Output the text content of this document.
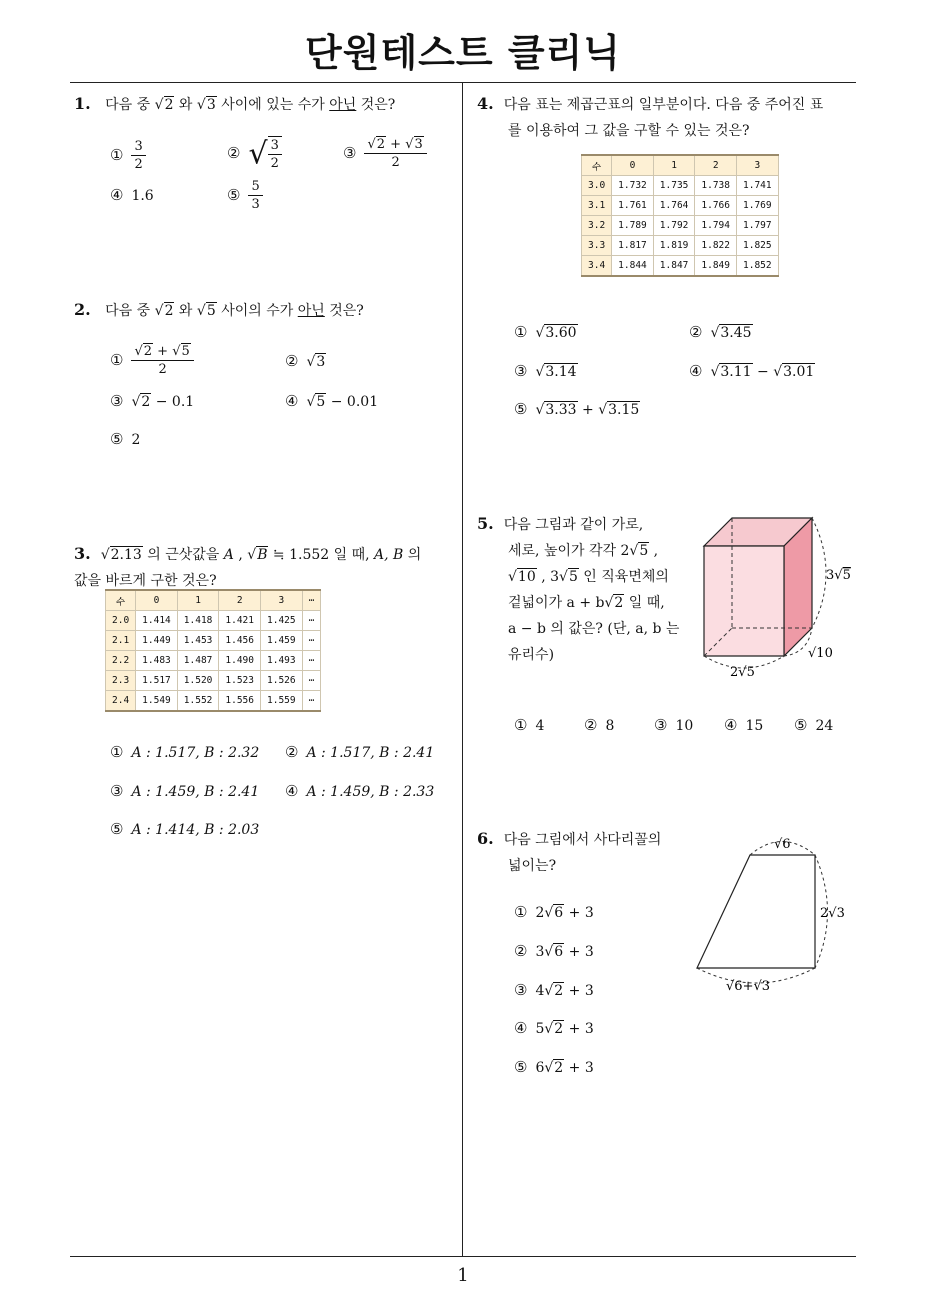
단원테스트 클리닉
1
1. 다음 중 √2 와 √3 사이에 있는 수가 아닌 것은?
① $\frac{3}{2}$	② √ $\frac{3}{2}$	③ $\frac{√2 + √3}{2}$
④ 1.6	⑤ $\frac{5}{3}$
2. 다음 중 √2 와 √5 사이의 수가 아닌 것은?
① $\frac{√2 + √5}{2}$	② √3
③ √2 − 0.1	④ √5 − 0.01
⑤ 2
3. √2.13 의 근삿값을 A , √B ≒ 1.552 일 때, A, B 의
값을 바르게 구한 것은?
수	0	1	2	3	⋯
2.0	1.414	1.418	1.421	1.425	⋯
2.1	1.449	1.453	1.456	1.459	⋯
2.2	1.483	1.487	1.490	1.493	⋯
2.3	1.517	1.520	1.523	1.526	⋯
2.4	1.549	1.552	1.556	1.559	⋯
① A : 1.517, B : 2.32 ② A : 1.517, B : 2.41
③ A : 1.459, B : 2.41 ④ A : 1.459, B : 2.33
⑤ A : 1.414, B : 2.03
4. 다음 표는 제곱근표의 일부분이다. 다음 중 주어진 표
를 이용하여 그 값을 구할 수 있는 것은?
수	0	1	2	3
3.0	1.732	1.735	1.738	1.741
3.1	1.761	1.764	1.766	1.769
3.2	1.789	1.792	1.794	1.797
3.3	1.817	1.819	1.822	1.825
3.4	1.844	1.847	1.849	1.852
① √3.60	② √3.45
③ √3.14	④ √3.11 − √3.01
⑤ √3.33 + √3.15
5. 다음 그림과 같이 가로,
세로, 높이가 각각 2√5 ,
√10 , 3√5 인 직육면체의
겉넓이가 a + b√2 일 때,
a − b 의 값은? (단, a, b 는
유리수)
3√5
2√5
√10
① 4	② 8	③ 10 ④ 15 ⑤ 24
6. 다음 그림에서 사다리꼴의
넓이는?
√6
2√3
√6+√3
① 2√6 + 3
② 3√6 + 3
③ 4√2 + 3
④ 5√2 + 3
⑤ 6√2 + 3
